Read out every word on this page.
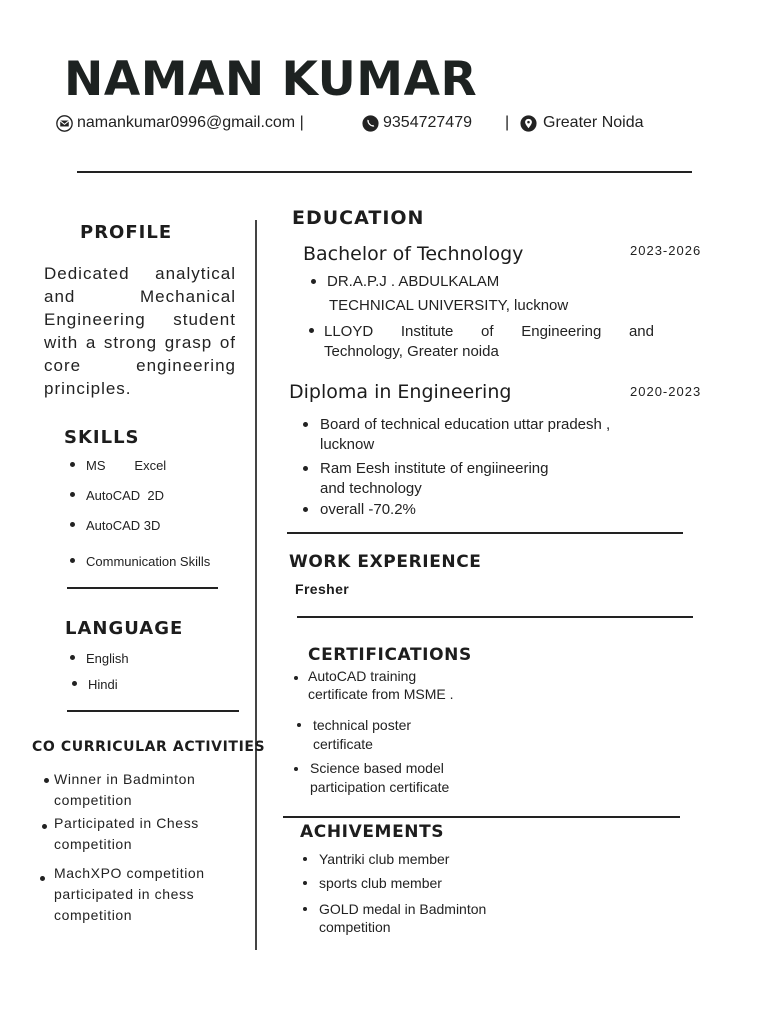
NAMAN KUMAR
namankumar0996@gmail.com |	9354727479 | Greater Noida
PROFILE
Dedicated analytical and Mechanical Engineering student with a strong grasp of core engineering principles.
SKILLS
MS        Excel
AutoCAD  2D
AutoCAD 3D
Communication Skills
LANGUAGE
English
Hindi
CO CURRICULAR ACTIVITIES
Winner in Badminton
competition
Participated in Chess
competition
MachXPO competition
participated in chess
competition
EDUCATION
Bachelor of Technology	2023-2026
DR.A.P.J . ABDULKALAM
TECHNICAL UNIVERSITY, lucknow
LLOYD Institute of Engineering and
Technology, Greater noida
Diploma in Engineering	2020-2023
Board of technical education uttar pradesh ,
lucknow
Ram Eesh institute of engiineering
and technology
overall -70.2%
WORK EXPERIENCE
Fresher
CERTIFICATIONS
AutoCAD training
certificate from MSME .
technical poster
certificate
Science based model
participation certificate
ACHIVEMENTS
Yantriki club member
sports club member
GOLD medal in Badminton
competition
